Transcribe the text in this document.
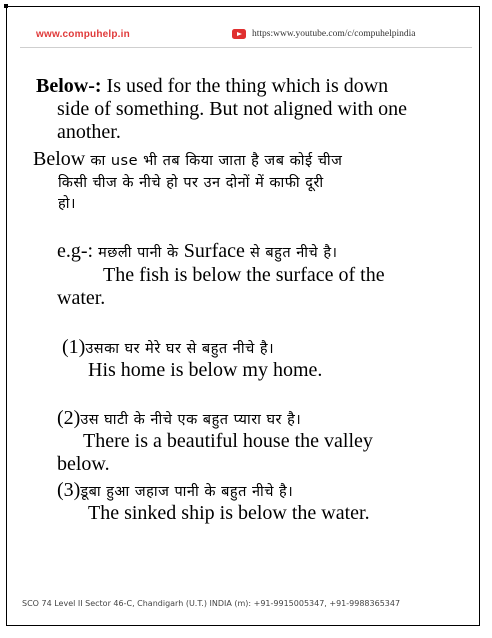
www.compuhelp.in	https:www.youtube.com/c/compuhelpindia
Below-: Is used for the thing which is down
side of something. But not aligned with one
another.
Below का use भी तब किया जाता है जब कोई चीज
किसी चीज के नीचे हो पर उन दोनों में काफी दूरी
हो।
e.g-: मछली पानी के Surface से बहुत नीचे है।
The fish is below the surface of the
water.
(1)उसका घर मेरे घर से बहुत नीचे है।
His home is below my home.
(2)उस घाटी के नीचे एक बहुत प्यारा घर है।
There is a beautiful house the valley
below.
(3)डूबा हुआ जहाज पानी के बहुत नीचे है।
The sinked ship is below the water.
SCO 74 Level II Sector 46-C, Chandigarh (U.T.) INDIA (m): +91-9915005347, +91-9988365347
